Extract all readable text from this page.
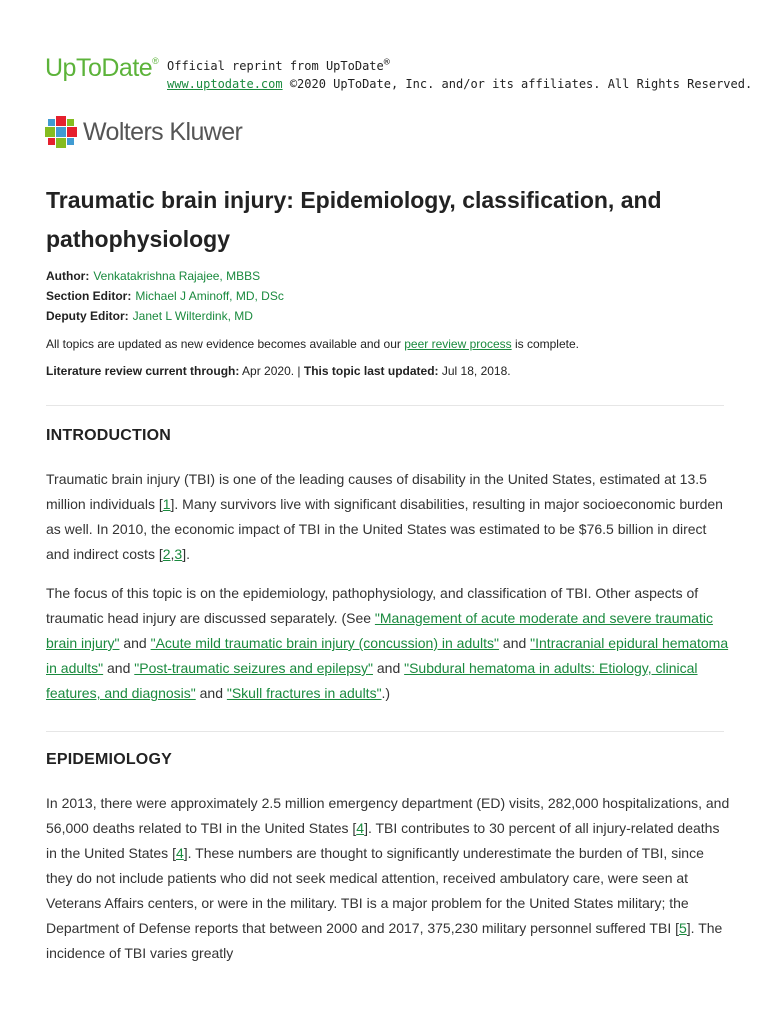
UpToDate® Official reprint from UpToDate®
www.uptodate.com ©2020 UpToDate, Inc. and/or its affiliates. All Rights Reserved.
Wolters Kluwer
Traumatic brain injury: Epidemiology, classification, and pathophysiology
Author: Venkatakrishna Rajajee, MBBS
Section Editor: Michael J Aminoff, MD, DSc
Deputy Editor: Janet L Wilterdink, MD
All topics are updated as new evidence becomes available and our peer review process is complete.
Literature review current through: Apr 2020. | This topic last updated: Jul 18, 2018.
INTRODUCTION

Traumatic brain injury (TBI) is one of the leading causes of disability in the United States, estimated at 13.5 million individuals [1]. Many survivors live with significant disabilities, resulting in major socioeconomic burden as well. In 2010, the economic impact of TBI in the United States was estimated to be $76.5 billion in direct and indirect costs [2,3].

The focus of this topic is on the epidemiology, pathophysiology, and classification of TBI. Other aspects of traumatic head injury are discussed separately. (See "Management of acute moderate and severe traumatic brain injury" and "Acute mild traumatic brain injury (concussion) in adults" and "Intracranial epidural hematoma in adults" and "Post-traumatic seizures and epilepsy" and "Subdural hematoma in adults: Etiology, clinical features, and diagnosis" and "Skull fractures in adults".)

EPIDEMIOLOGY

In 2013, there were approximately 2.5 million emergency department (ED) visits, 282,000 hospitalizations, and 56,000 deaths related to TBI in the United States [4]. TBI contributes to 30 percent of all injury-related deaths in the United States [4]. These numbers are thought to significantly underestimate the burden of TBI, since they do not include patients who did not seek medical attention, received ambulatory care, were seen at Veterans Affairs centers, or were in the military. TBI is a major problem for the United States military; the Department of Defense reports that between 2000 and 2017, 375,230 military personnel suffered TBI [5]. The incidence of TBI varies greatly
